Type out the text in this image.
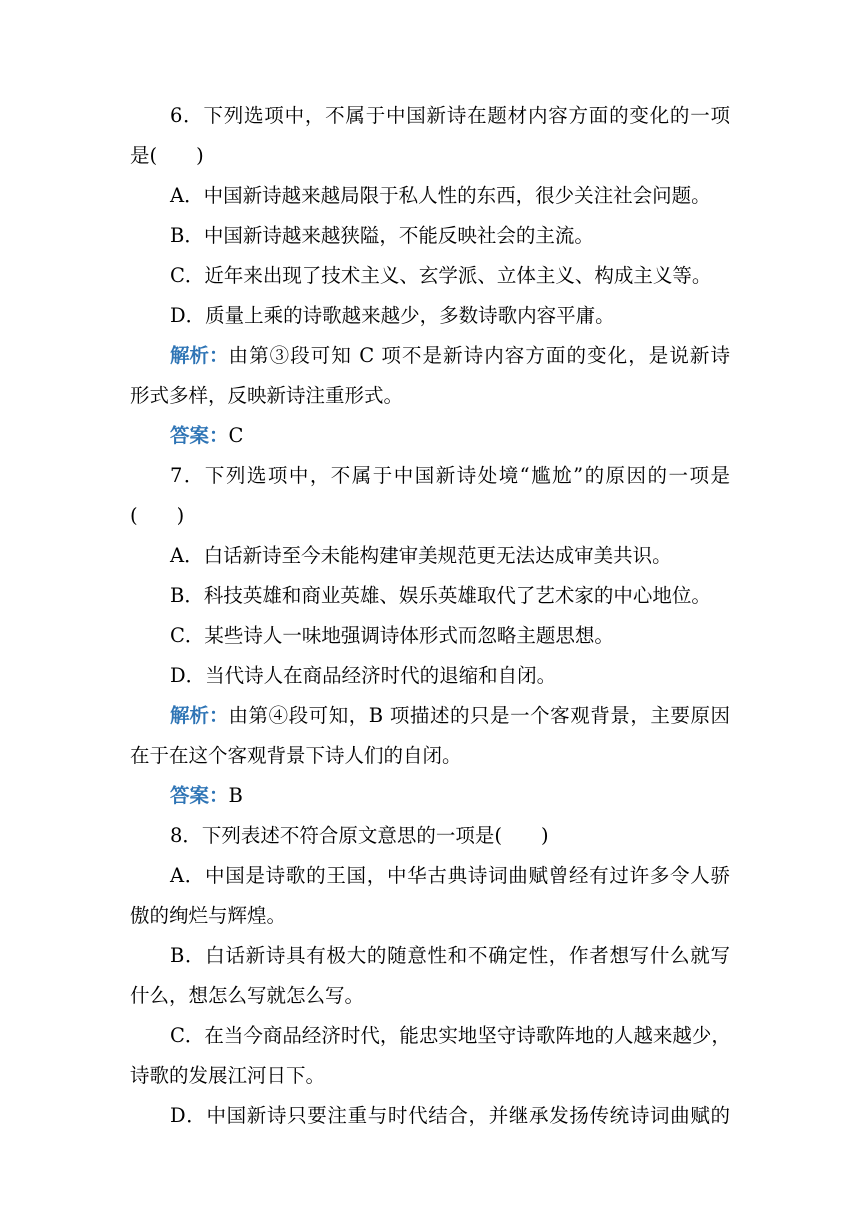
6．下列选项中，不属于中国新诗在题材内容方面的变化的一项
是(　　)
A．中国新诗越来越局限于私人性的东西，很少关注社会问题。
B．中国新诗越来越狭隘，不能反映社会的主流。
C．近年来出现了技术主义、玄学派、立体主义、构成主义等。
D．质量上乘的诗歌越来越少，多数诗歌内容平庸。
解析： 由第③段可知 C 项不是新诗内容方面的变化，是说新诗
形式多样，反映新诗注重形式。
答案：C
7．下列选项中，不属于中国新诗处境“尴尬”的原因的一项是
(　　)
A．白话新诗至今未能构建审美规范更无法达成审美共识。
B．科技英雄和商业英雄、娱乐英雄取代了艺术家的中心地位。
C．某些诗人一味地强调诗体形式而忽略主题思想。
D．当代诗人在商品经济时代的退缩和自闭。
解析： 由第④段可知，B 项描述的只是一个客观背景，主要原因
在于在这个客观背景下诗人们的自闭。
答案：B
8．下列表述不符合原文意思的一项是(　　)
A．中国是诗歌的王国，中华古典诗词曲赋曾经有过许多令人骄
傲的绚烂与辉煌。
B．白话新诗具有极大的随意性和不确定性，作者想写什么就写
什么，想怎么写就怎么写。
C．在当今商品经济时代，能忠实地坚守诗歌阵地的人越来越少，
诗歌的发展江河日下。
D．中国新诗只要注重与时代结合，并继承发扬传统诗词曲赋的
